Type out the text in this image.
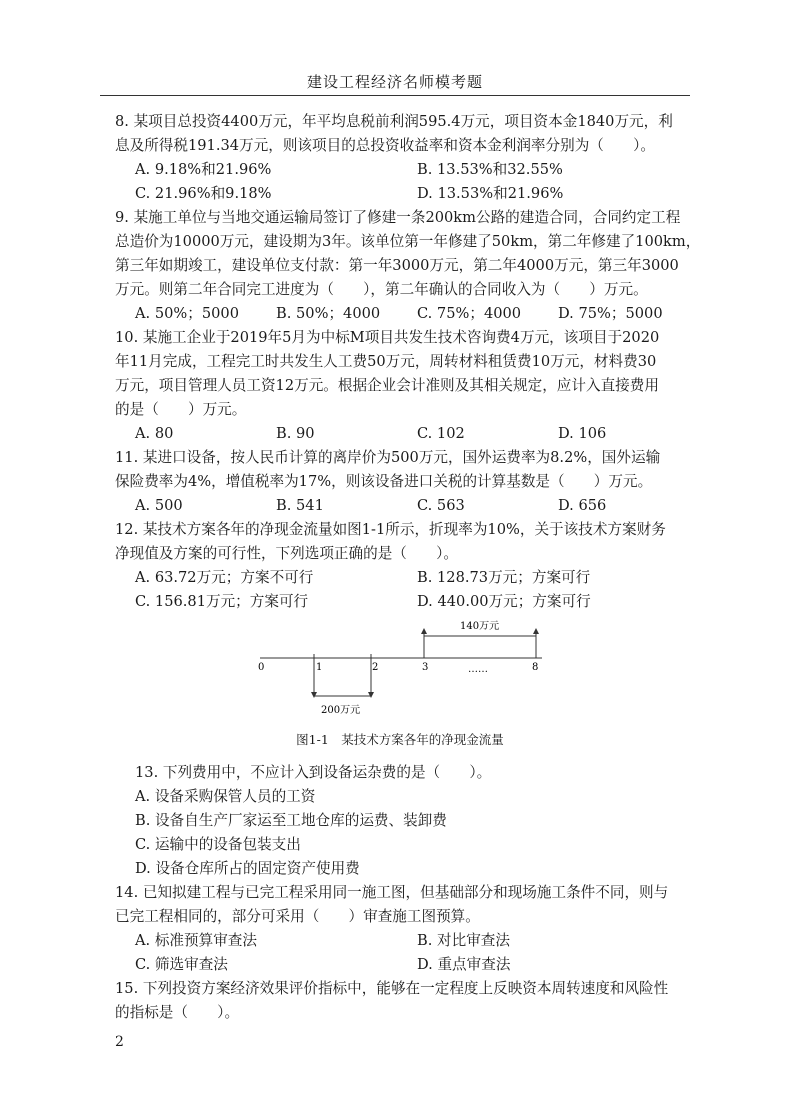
建设工程经济名师模考题
8. 某项目总投资4400万元，年平均息税前利润595.4万元，项目资本金1840万元，利
息及所得税191.34万元，则该项目的总投资收益率和资本金利润率分别为（　　）。
A. 9.18%和21.96%	B. 13.53%和32.55%
C. 21.96%和9.18%	D. 13.53%和21.96%
9. 某施工单位与当地交通运输局签订了修建一条200km公路的建造合同，合同约定工程
总造价为10000万元，建设期为3年。该单位第一年修建了50km，第二年修建了100km，
第三年如期竣工，建设单位支付款：第一年3000万元，第二年4000万元，第三年3000
万元。则第二年合同完工进度为（　　），第二年确认的合同收入为（　　）万元。
A. 50%；5000	B. 50%；4000	C. 75%；4000	D. 75%；5000
10. 某施工企业于2019年5月为中标M项目共发生技术咨询费4万元，该项目于2020
年11月完成，工程完工时共发生人工费50万元，周转材料租赁费10万元，材料费30
万元，项目管理人员工资12万元。根据企业会计准则及其相关规定，应计入直接费用
的是（　　）万元。
A. 80	B. 90	C. 102	D. 106
11. 某进口设备，按人民币计算的离岸价为500万元，国外运费率为8.2%，国外运输
保险费率为4%，增值税率为17%，则该设备进口关税的计算基数是（　　）万元。
A. 500	B. 541	C. 563	D. 656
12. 某技术方案各年的净现金流量如图1-1所示，折现率为10%，关于该技术方案财务
净现值及方案的可行性，下列选项正确的是（　　）。
A. 63.72万元；方案不可行	B. 128.73万元；方案可行
C. 156.81万元；方案可行	D. 440.00万元；方案可行
0	1	2	3	8
……
140万元
200万元
图1-1　某技术方案各年的净现金流量
13. 下列费用中，不应计入到设备运杂费的是（　　）。
A. 设备采购保管人员的工资
B. 设备自生产厂家运至工地仓库的运费、装卸费
C. 运输中的设备包装支出
D. 设备仓库所占的固定资产使用费
14. 已知拟建工程与已完工程采用同一施工图，但基础部分和现场施工条件不同，则与
已完工程相同的，部分可采用（　　）审查施工图预算。
A. 标准预算审查法	B. 对比审查法
C. 筛选审查法	D. 重点审查法
15. 下列投资方案经济效果评价指标中，能够在一定程度上反映资本周转速度和风险性
的指标是（　　）。
2
